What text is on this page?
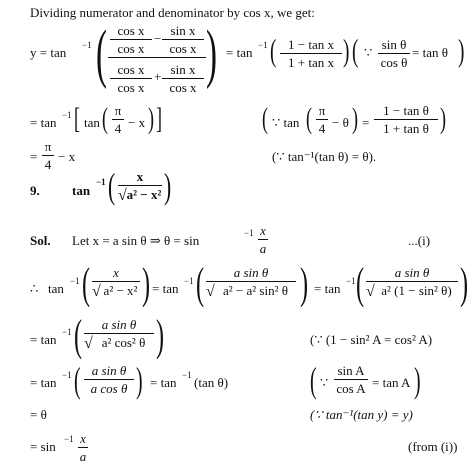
Dividing numerator and denominator by cos x, we get:
y = tan −1 ( cos x
cos x
−
sin x
cos x
cos x
cos x
+ sin x
cos x ) = tan −1 ( 1 − tan x
1 + tan x ) ( ∵
sin θ
cos θ
= tan θ )
= tan −1 [ tan ( π
4 − x ) ]	( ∵ tan ( π
4 − θ ) =
1 − tan θ
1 + tan θ )
=
π
4
− x	(∵ tan⁻¹(tan θ) = θ).
9. tan
−1 (	x
a² − x²
√ )
Sol. Let x = a sin θ ⇒ θ = sin	−1 x
a
...(i)
∴ tan −1 (	x
a² − x²
√ ) = tan −1 (	a sin θ
a² − a² sin² θ
√ ) = tan −1 (	a sin θ
a² (1 − sin² θ)
√ )
= tan −1 (	a sin θ
a² cos² θ
√ )	(∵ (1 − sin² A = cos² A)
= tan −1 ( a sin θ
a cos θ ) = tan −1 (tan θ) ( ∵
sin A
cos A = tan A )
= θ	(∵ tan⁻¹(tan y) = y)
= sin −1 x
a
(from (i))
